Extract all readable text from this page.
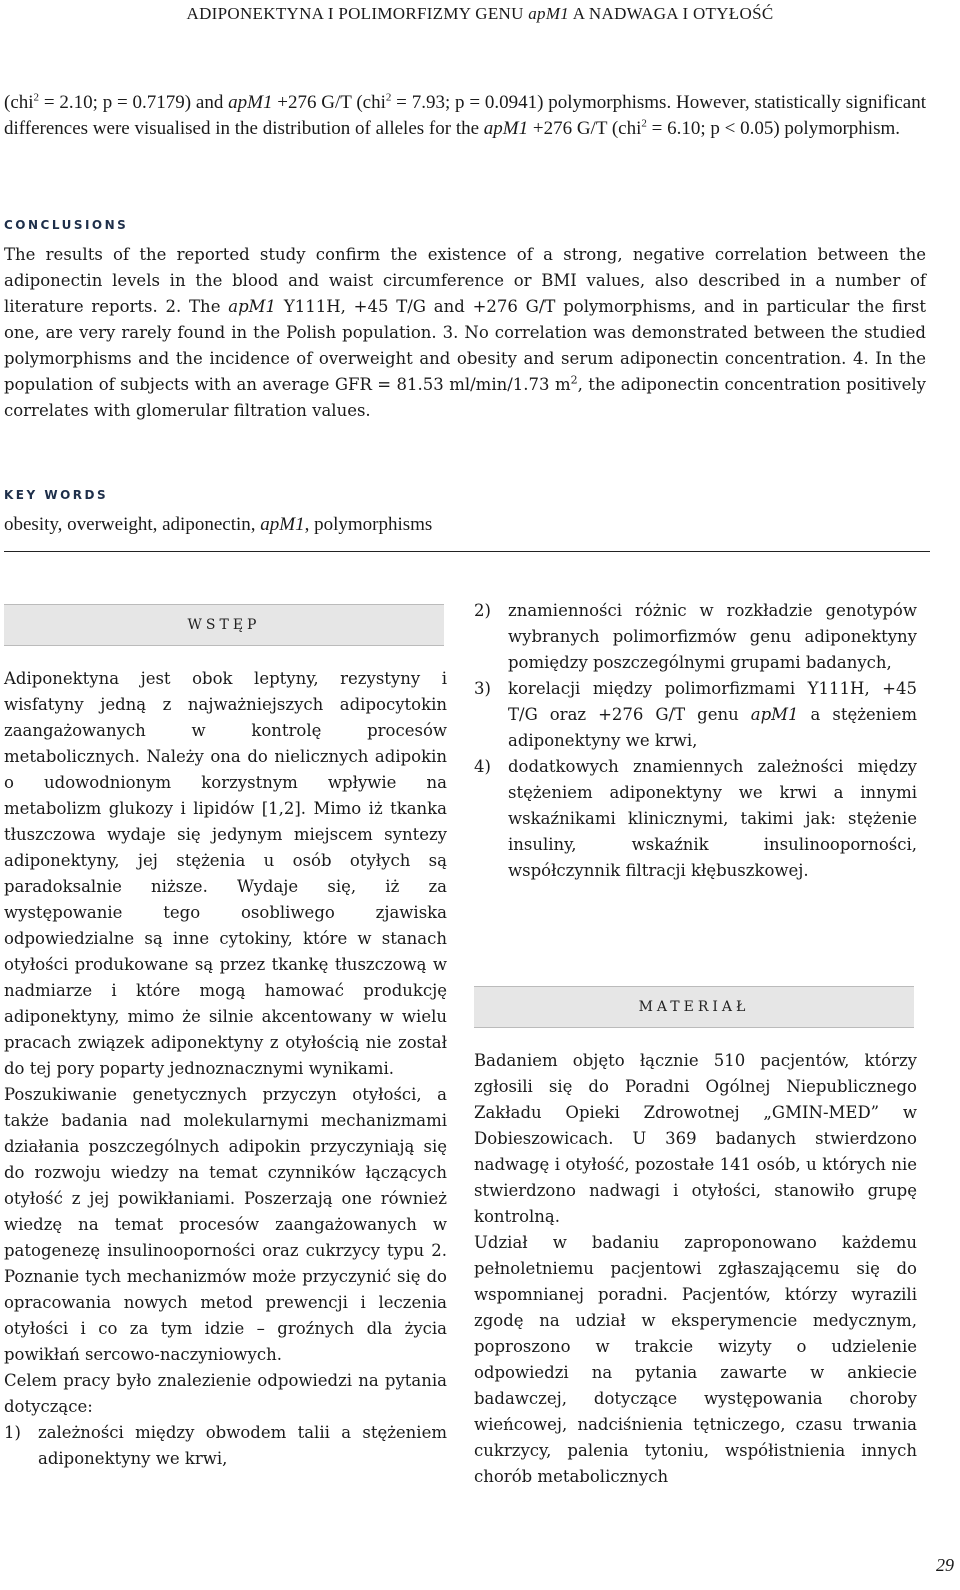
ADIPONEKTYNA I POLIMORFIZMY GENU apM1 A NADWAGA I OTYŁOŚĆ
(chi$^2$ = 2.10; p = 0.7179) and apM1 +276 G/T (chi$^2$ = 7.93; p = 0.0941) polymorphisms. However, statistically significant differences were visualised in the distribution of alleles for the apM1 +276 G/T (chi$^2$ = 6.10; p < 0.05) polymorphism.
CONCLUSIONS
The results of the reported study confirm the existence of a strong, negative correlation between the adiponectin levels in the blood and waist circumference or BMI values, also described in a number of literature reports. 2. The apM1 Y111H, +45 T/G and +276 G/T polymorphisms, and in particular the first one, are very rarely found in the Polish population. 3. No correlation was demonstrated between the studied polymorphisms and the incidence of overweight and obesity and serum adiponectin concentration. 4. In the population of subjects with an average GFR = 81.53 ml/min/1.73 $m^2$, the adiponectin concentration positively correlates with glomerular filtration values.
KEY WORDS
obesity, overweight, adiponectin, apM1, polymorphisms
WSTĘP

Adiponektyna jest obok leptyny, rezystyny i wisfatyny jedną z najważniejszych adipocytokin zaangażowanych w kontrolę procesów metabolicznych. Należy ona do nielicznych adipokin o udowodnionym korzystnym wpływie na metabolizm glukozy i lipidów [1,2]. Mimo iż tkanka tłuszczowa wydaje się jedynym miejscem syntezy adiponektyny, jej stężenia u osób otyłych są paradoksalnie niższe. Wydaje się, iż za występowanie tego osobliwego zjawiska odpowiedzialne są inne cytokiny, które w stanach otyłości produkowane są przez tkankę tłuszczową w nadmiarze i które mogą hamować produkcję adiponektyny, mimo że silnie akcentowany w wielu pracach związek adiponektyny z otyłością nie został do tej pory poparty jednoznacznymi wynikami.

Poszukiwanie genetycznych przyczyn otyłości, a także badania nad molekularnymi mechanizmami działania poszczególnych adipokin przyczyniają się do rozwoju wiedzy na temat czynników łączących otyłość z jej powikłaniami. Poszerzają one również wiedzę na temat procesów zaangażowanych w patogenezę insulinooporności oraz cukrzycy typu 2. Poznanie tych mechanizmów może przyczynić się do opracowania nowych metod prewencji i leczenia otyłości i co za tym idzie – groźnych dla życia powikłań sercowo-naczyniowych.

Celem pracy było znalezienie odpowiedzi na pytania dotyczące:

1) zależności między obwodem talii a stężeniem adiponektyny we krwi,
2) znamienności różnic w rozkładzie genotypów wybranych polimorfizmów genu adiponektyny pomiędzy poszczególnymi grupami badanych,
3) korelacji między polimorfizmami Y111H, +45 T/G oraz +276 G/T genu apM1 a stężeniem adiponektyny we krwi,
4) dodatkowych znamiennych zależności między stężeniem adiponektyny we krwi a innymi wskaźnikami klinicznymi, takimi jak: stężenie insuliny, wskaźnik insulinooporności, współczynnik filtracji kłębuszkowej.
MATERIAŁ

Badaniem objęto łącznie 510 pacjentów, którzy zgłosili się do Poradni Ogólnej Niepublicznego Zakładu Opieki Zdrowotnej „GMIN-MED” w Dobieszowicach. U 369 badanych stwierdzono nadwagę i otyłość, pozostałe 141 osób, u których nie stwierdzono nadwagi i otyłości, stanowiło grupę kontrolną.

Udział w badaniu zaproponowano każdemu pełnoletniemu pacjentowi zgłaszającemu się do wspomnianej poradni. Pacjentów, którzy wyrazili zgodę na udział w eksperymencie medycznym, poproszono w trakcie wizyty o udzielenie odpowiedzi na pytania zawarte w ankiecie badawczej, dotyczące występowania choroby wieńcowej, nadciśnienia tętniczego, czasu trwania cukrzycy, palenia tytoniu, współistnienia innych chorób metabolicznych

29
